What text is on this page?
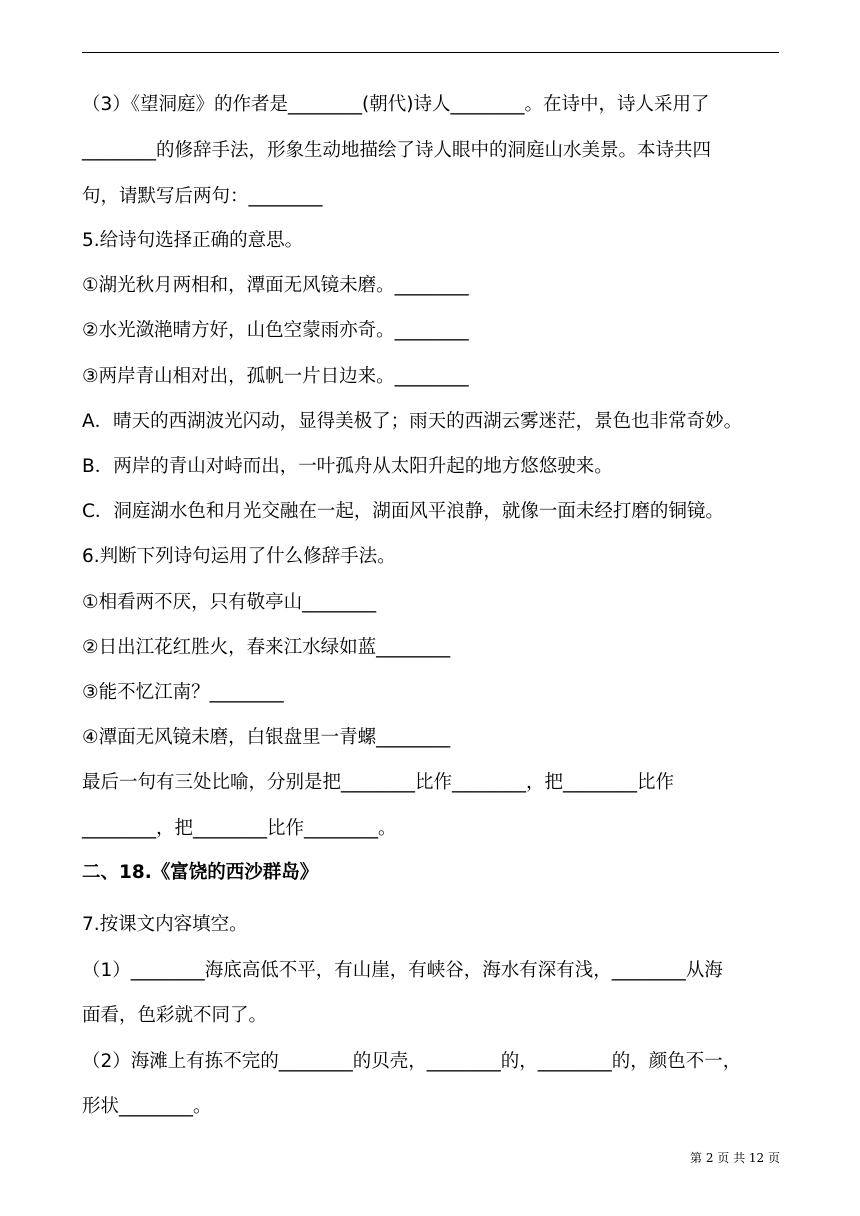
（3）《望洞庭》的作者是________(朝代)诗人________。在诗中，诗人采用了
________的修辞手法，形象生动地描绘了诗人眼中的洞庭山水美景。本诗共四
句，请默写后两句：________
5.给诗句选择正确的意思。
①湖光秋月两相和，潭面无风镜未磨。________
②水光潋滟晴方好，山色空蒙雨亦奇。________
③两岸青山相对出，孤帆一片日边来。________
A．晴天的西湖波光闪动，显得美极了；雨天的西湖云雾迷茫，景色也非常奇妙。
B．两岸的青山对峙而出，一叶孤舟从太阳升起的地方悠悠驶来。
C．洞庭湖水色和月光交融在一起，湖面风平浪静，就像一面未经打磨的铜镜。
6.判断下列诗句运用了什么修辞手法。
①相看两不厌，只有敬亭山________
②日出江花红胜火，春来江水绿如蓝________
③能不忆江南？________
④潭面无风镜未磨，白银盘里一青螺________
最后一句有三处比喻，分别是把________比作________，把________比作
________，把________比作________。
二、18.《富饶的西沙群岛》
7.按课文内容填空。
（1）________海底高低不平，有山崖，有峡谷，海水有深有浅，________从海
面看，色彩就不同了。
（2）海滩上有拣不完的________的贝壳，________的，________的，颜色不一，
形状________。
第 2 页 共 12 页
